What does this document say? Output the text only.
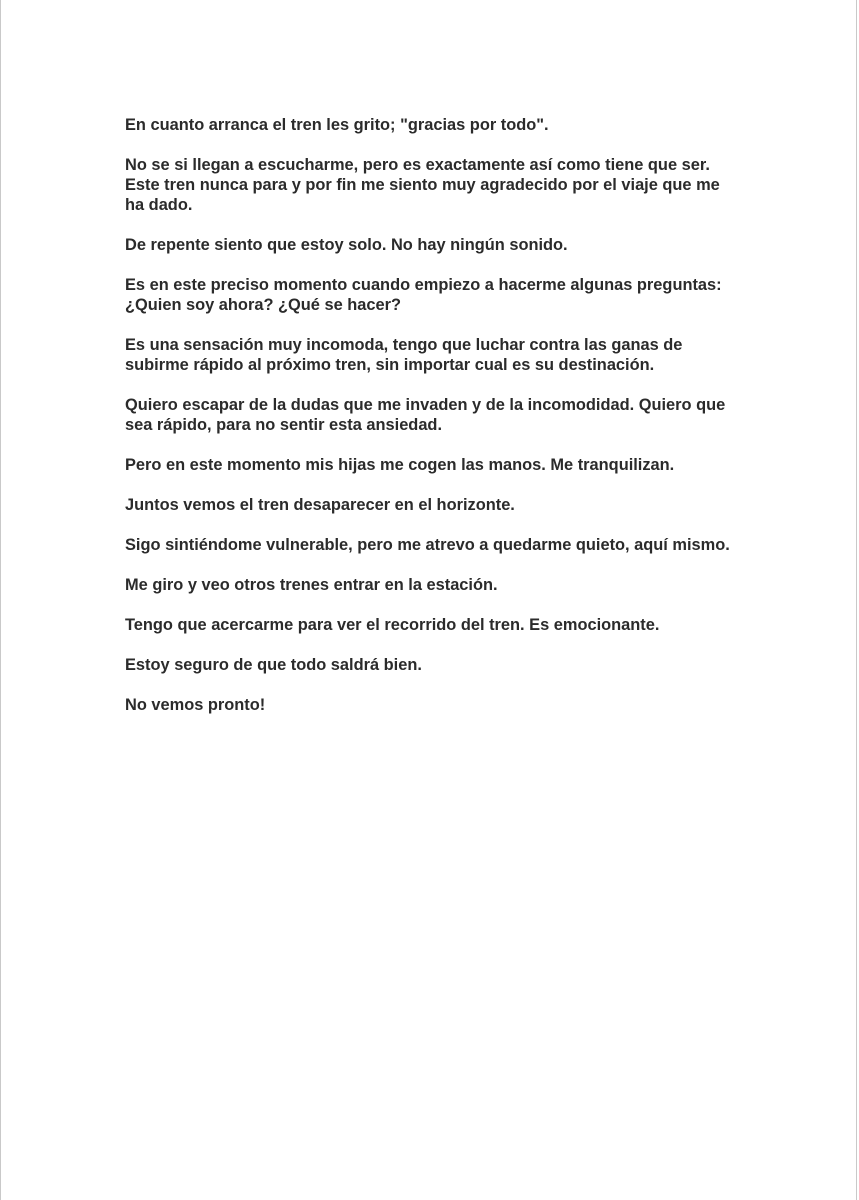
En cuanto arranca el tren les grito; "gracias por todo".

No se si llegan a escucharme, pero es exactamente así como tiene que ser. Este tren nunca para y por fin me siento muy agradecido por el viaje que me ha dado.

De repente siento que estoy solo. No hay ningún sonido.

Es en este preciso momento cuando empiezo a hacerme algunas preguntas: ¿Quien soy ahora? ¿Qué se hacer?

Es una sensación muy incomoda, tengo que luchar contra las ganas de subirme rápido al próximo tren, sin importar cual es su destinación.

Quiero escapar de la dudas que me invaden y de la incomodidad. Quiero que sea rápido, para no sentir esta ansiedad.

Pero en este momento mis hijas me cogen las manos. Me tranquilizan.

Juntos vemos el tren desaparecer en el horizonte.

Sigo sintiéndome vulnerable, pero me atrevo a quedarme quieto, aquí mismo.

Me giro y veo otros trenes entrar en la estación.

Tengo que acercarme para ver el recorrido del tren. Es emocionante.

Estoy seguro de que todo saldrá bien.

No vemos pronto!
